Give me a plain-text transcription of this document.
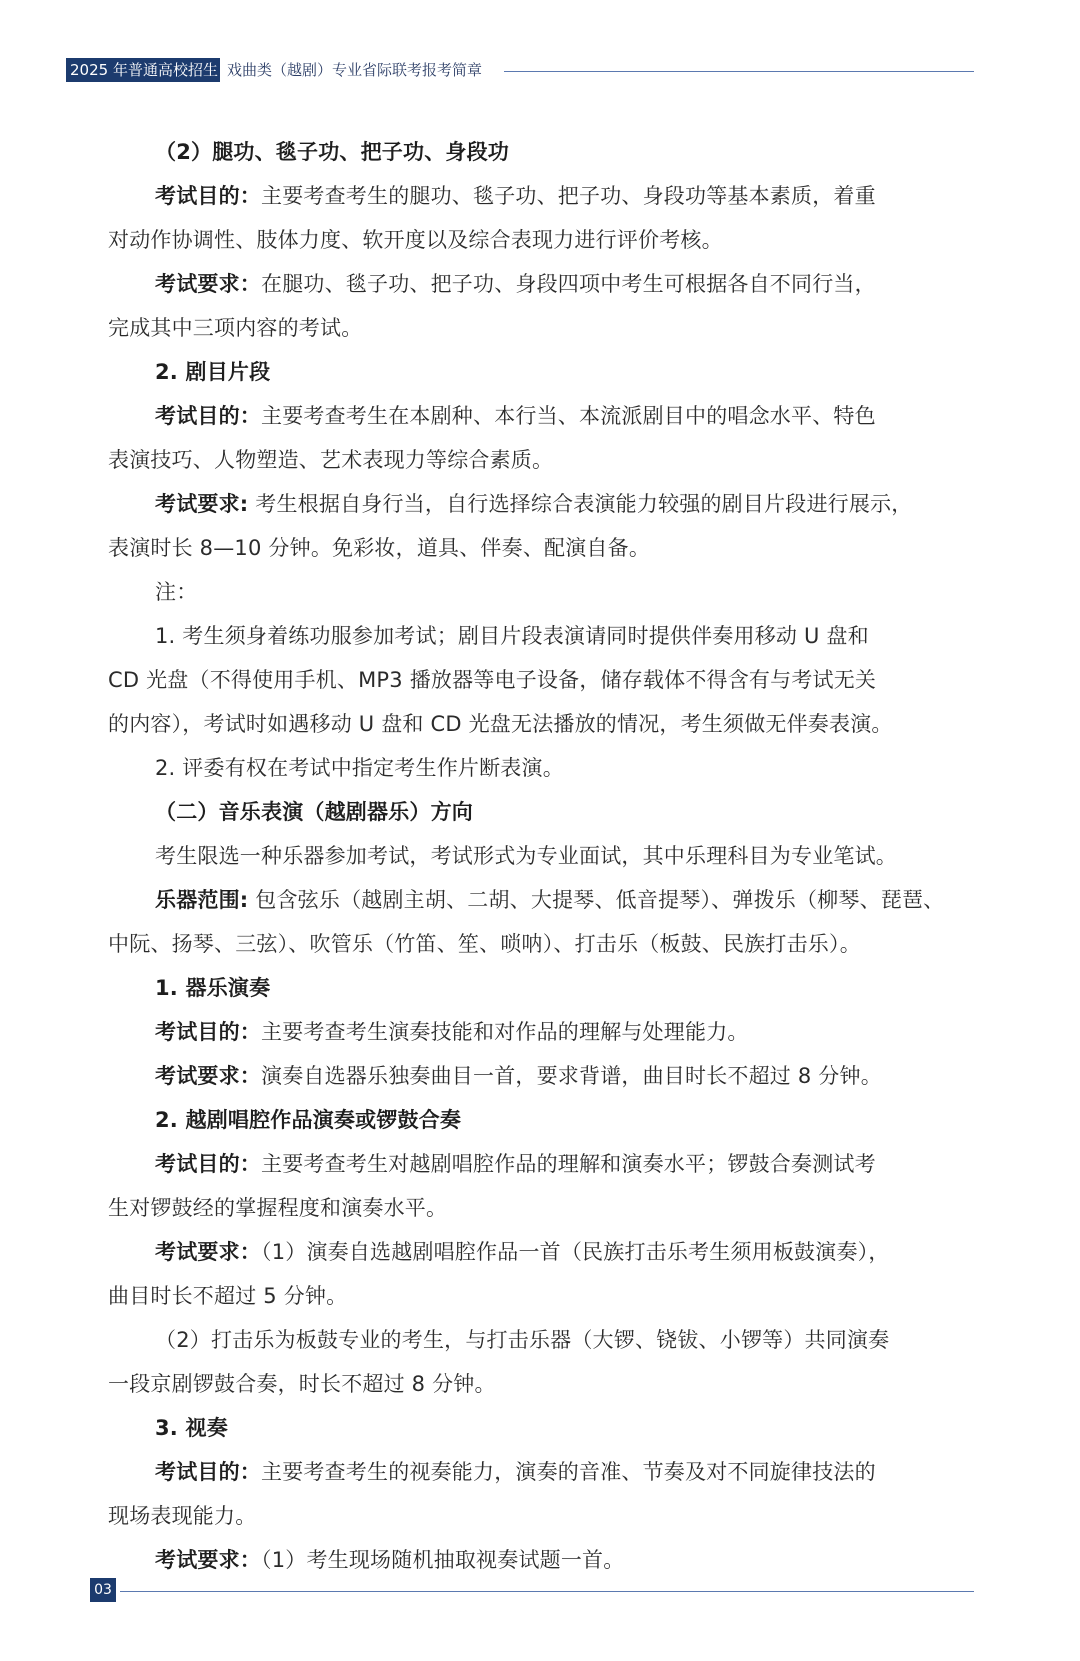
2025 年普通高校招生 戏曲类（越剧）专业省际联考报考简章
（2）腿功、毯子功、把子功、身段功
考试目的：主要考查考生的腿功、毯子功、把子功、身段功等基本素质，着重
对动作协调性、肢体力度、软开度以及综合表现力进行评价考核。
考试要求：在腿功、毯子功、把子功、身段四项中考生可根据各自不同行当，
完成其中三项内容的考试。
2. 剧目片段
考试目的：主要考查考生在本剧种、本行当、本流派剧目中的唱念水平、特色
表演技巧、人物塑造、艺术表现力等综合素质。
考试要求: 考生根据自身行当，自行选择综合表演能力较强的剧目片段进行展示，
表演时长 8—10 分钟。免彩妆，道具、伴奏、配演自备。
注：
1. 考生须身着练功服参加考试；剧目片段表演请同时提供伴奏用移动 U 盘和
CD 光盘（不得使用手机、MP3 播放器等电子设备，储存载体不得含有与考试无关
的内容），考试时如遇移动 U 盘和 CD 光盘无法播放的情况，考生须做无伴奏表演。
2. 评委有权在考试中指定考生作片断表演。
（二）音乐表演（越剧器乐）方向
考生限选一种乐器参加考试，考试形式为专业面试，其中乐理科目为专业笔试。
乐器范围: 包含弦乐（越剧主胡、二胡、大提琴、低音提琴）、弹拨乐（柳琴、琵琶、
中阮、扬琴、三弦）、吹管乐（竹笛、笙、唢呐）、打击乐（板鼓、民族打击乐）。
1. 器乐演奏
考试目的：主要考查考生演奏技能和对作品的理解与处理能力。
考试要求：演奏自选器乐独奏曲目一首，要求背谱，曲目时长不超过 8 分钟。
2. 越剧唱腔作品演奏或锣鼓合奏
考试目的：主要考查考生对越剧唱腔作品的理解和演奏水平；锣鼓合奏测试考
生对锣鼓经的掌握程度和演奏水平。
考试要求：（1）演奏自选越剧唱腔作品一首（民族打击乐考生须用板鼓演奏），
曲目时长不超过 5 分钟。
（2）打击乐为板鼓专业的考生，与打击乐器（大锣、铙钹、小锣等）共同演奏
一段京剧锣鼓合奏，时长不超过 8 分钟。
3. 视奏
考试目的：主要考查考生的视奏能力，演奏的音准、节奏及对不同旋律技法的
现场表现能力。
考试要求：（1）考生现场随机抽取视奏试题一首。
03
